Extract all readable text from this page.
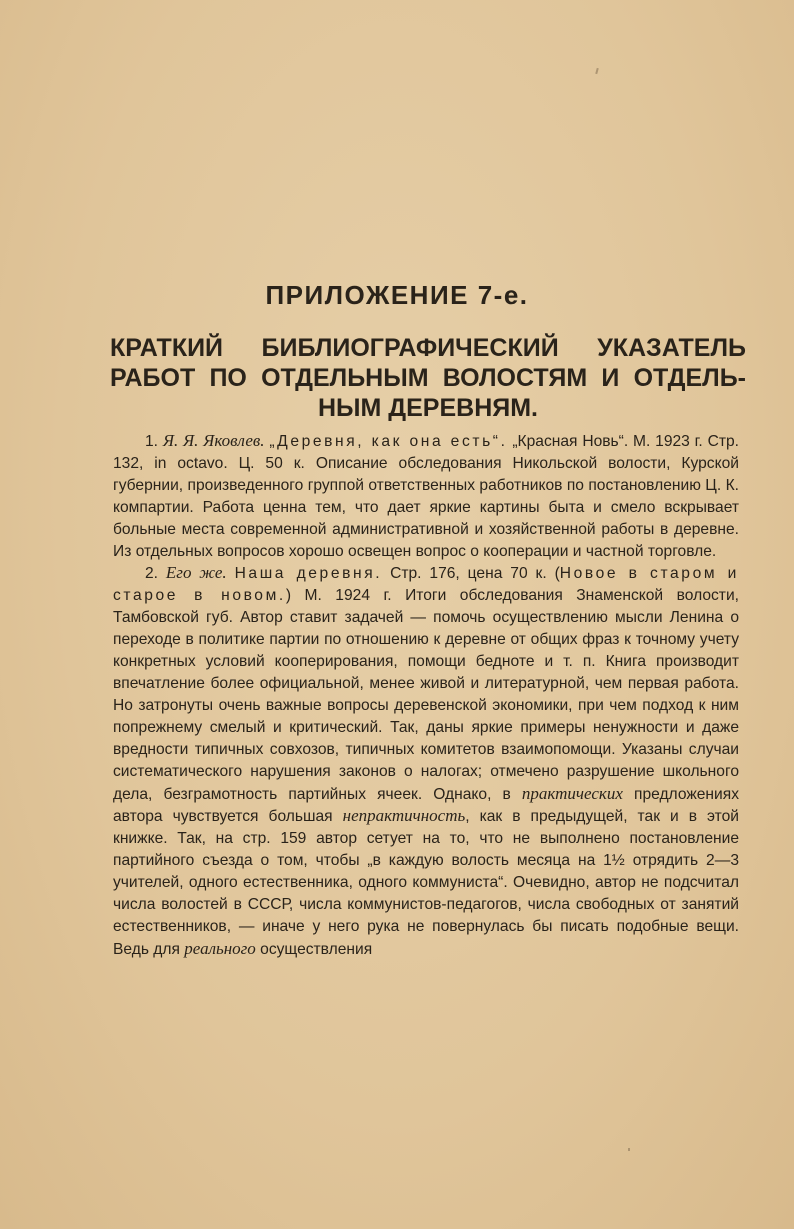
ПРИЛОЖЕНИЕ 7-е.
КРАТКИЙ БИБЛИОГРАФИЧЕСКИЙ УКАЗАТЕЛЬ
РАБОТ ПО ОТДЕЛЬНЫМ ВОЛОСТЯМ И ОТДЕЛЬ-
НЫМ ДЕРЕВНЯМ.

1. Я. Я. Яковлев. „Деревня, как она есть“. „Красная Новь“. М. 1923 г. Стр. 132, in octavo. Ц. 50 к. Описание обследования Никольской волости, Курской губернии, произведенного группой ответственных работников по постановлению Ц. К. компартии. Работа ценна тем, что дает яркие картины быта и смело вскрывает больные места современной административной и хозяйственной работы в деревне. Из отдельных вопросов хорошо освещен вопрос о кооперации и частной торговле.

2. Его же. Наша деревня. Стр. 176, цена 70 к. (Новое в старом и старое в новом.) М. 1924 г. Итоги обследования Знаменской волости, Тамбовской губ. Автор ставит задачей — помочь осуществлению мысли Ленина о переходе в политике партии по отношению к деревне от общих фраз к точному учету конкретных условий кооперирования, помощи бедноте и т. п. Книга производит впечатление более официальной, менее живой и литературной, чем первая работа. Но затронуты очень важные вопросы деревенской экономики, при чем подход к ним попрежнему смелый и критический. Так, даны яркие примеры ненужности и даже вредности типичных совхозов, типичных комитетов взаимопомощи. Указаны случаи систематического нарушения законов о налогах; отмечено разрушение школьного дела, безграмотность партийных ячеек. Однако, в практических предложениях автора чувствуется большая непрактичность, как в предыдущей, так и в этой книжке. Так, на стр. 159 автор сетует на то, что не выполнено постановление партийного съезда о том, чтобы „в каждую волость месяца на 1½ отрядить 2—3 учителей, одного естественника, одного коммуниста“. Очевидно, автор не подсчитал числа волостей в СССР, числа коммунистов-педагогов, числа свободных от занятий естественников, — иначе у него рука не повернулась бы писать подобные вещи. Ведь для реального осуществления
